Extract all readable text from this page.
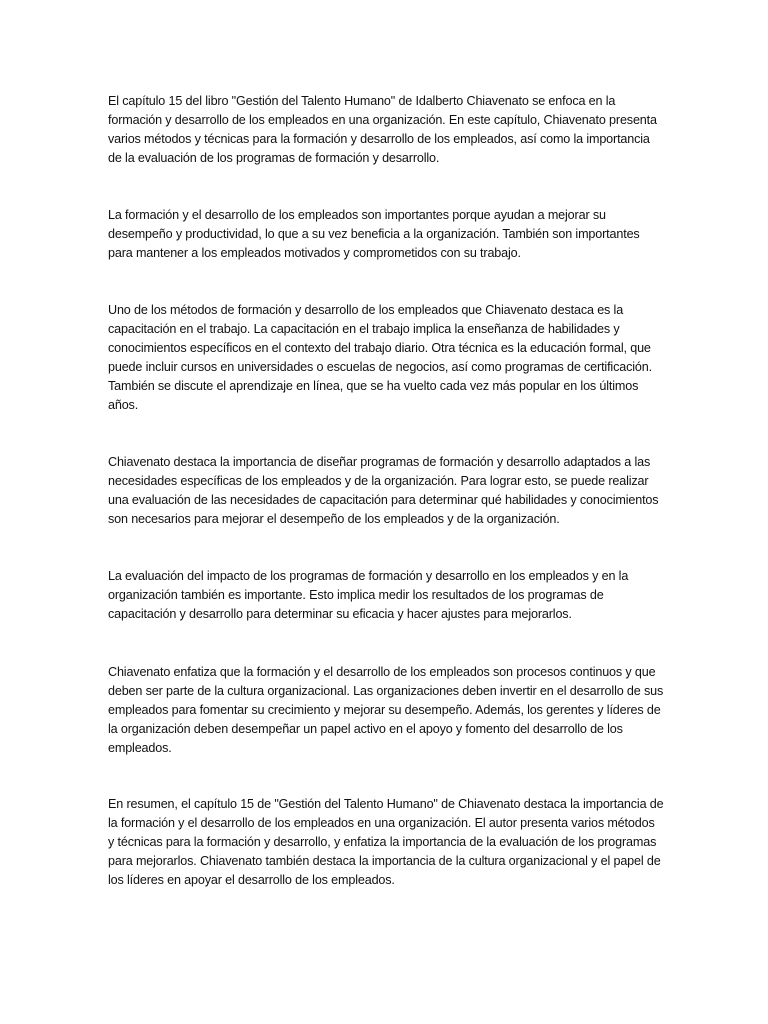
El capítulo 15 del libro "Gestión del Talento Humano" de Idalberto Chiavenato se enfoca en la formación y desarrollo de los empleados en una organización. En este capítulo, Chiavenato presenta varios métodos y técnicas para la formación y desarrollo de los empleados, así como la importancia de la evaluación de los programas de formación y desarrollo.

La formación y el desarrollo de los empleados son importantes porque ayudan a mejorar su desempeño y productividad, lo que a su vez beneficia a la organización. También son importantes para mantener a los empleados motivados y comprometidos con su trabajo.

Uno de los métodos de formación y desarrollo de los empleados que Chiavenato destaca es la capacitación en el trabajo. La capacitación en el trabajo implica la enseñanza de habilidades y conocimientos específicos en el contexto del trabajo diario. Otra técnica es la educación formal, que puede incluir cursos en universidades o escuelas de negocios, así como programas de certificación. También se discute el aprendizaje en línea, que se ha vuelto cada vez más popular en los últimos años.

Chiavenato destaca la importancia de diseñar programas de formación y desarrollo adaptados a las necesidades específicas de los empleados y de la organización. Para lograr esto, se puede realizar una evaluación de las necesidades de capacitación para determinar qué habilidades y conocimientos son necesarios para mejorar el desempeño de los empleados y de la organización.

La evaluación del impacto de los programas de formación y desarrollo en los empleados y en la organización también es importante. Esto implica medir los resultados de los programas de capacitación y desarrollo para determinar su eficacia y hacer ajustes para mejorarlos.

Chiavenato enfatiza que la formación y el desarrollo de los empleados son procesos continuos y que deben ser parte de la cultura organizacional. Las organizaciones deben invertir en el desarrollo de sus empleados para fomentar su crecimiento y mejorar su desempeño. Además, los gerentes y líderes de la organización deben desempeñar un papel activo en el apoyo y fomento del desarrollo de los empleados.

En resumen, el capítulo 15 de "Gestión del Talento Humano" de Chiavenato destaca la importancia de la formación y el desarrollo de los empleados en una organización. El autor presenta varios métodos y técnicas para la formación y desarrollo, y enfatiza la importancia de la evaluación de los programas para mejorarlos. Chiavenato también destaca la importancia de la cultura organizacional y el papel de los líderes en apoyar el desarrollo de los empleados.
